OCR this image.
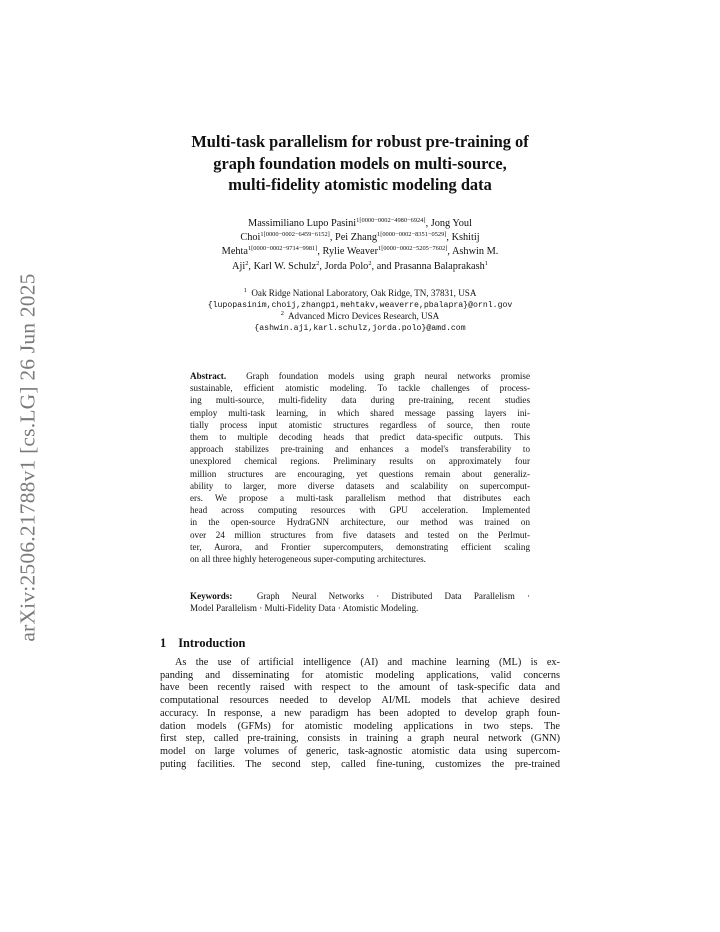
arXiv:2506.21788v1 [cs.LG] 26 Jun 2025
Multi-task parallelism for robust pre-training of
graph foundation models on multi-source,
multi-fidelity atomistic modeling data
Massimiliano Lupo Pasini$^{1[0000-0002-4980-6924]}$, Jong Youl
Choi$^{1[0000-0002-6459-6152]}$, Pei Zhang$^{1[0000-0002-8351-0529]}$, Kshitij
Mehta$^{1[0000-0002-9714-9981]}$, Rylie Weaver$^{1[0000-0002-5205-7602]}$, Ashwin M.
Aji$^2$, Karl W. Schulz$^2$, Jorda Polo$^2$, and Prasanna Balaprakash$^1$
$^1$ Oak Ridge National Laboratory, Oak Ridge, TN, 37831, USA
{lupopasinim,choij,zhangp1,mehtakv,weaverre,pbalapra}@ornl.gov
$^2$ Advanced Micro Devices Research, USA
{ashwin.aji,karl.schulz,jorda.polo}@amd.com
Abstract. Graph foundation models using graph neural networks promise
sustainable, efficient atomistic modeling. To tackle challenges of process-
ing multi-source, multi-fidelity data during pre-training, recent studies
employ multi-task learning, in which shared message passing layers ini-
tially process input atomistic structures regardless of source, then route
them to multiple decoding heads that predict data-specific outputs. This
approach stabilizes pre-training and enhances a model's transferability to
unexplored chemical regions. Preliminary results on approximately four
million structures are encouraging, yet questions remain about generaliz-
ability to larger, more diverse datasets and scalability on supercomput-
ers. We propose a multi-task parallelism method that distributes each
head across computing resources with GPU acceleration. Implemented
in the open-source HydraGNN architecture, our method was trained on
over 24 million structures from five datasets and tested on the Perlmut-
ter, Aurora, and Frontier supercomputers, demonstrating efficient scaling
on all three highly heterogeneous super-computing architectures.
Keywords:	Graph Neural Networks · Distributed Data Parallelism ·
Model Parallelism · Multi-Fidelity Data · Atomistic Modeling.
1 Introduction
As the use of artificial intelligence (AI) and machine learning (ML) is ex-
panding and disseminating for atomistic modeling applications, valid concerns
have been recently raised with respect to the amount of task-specific data and
computational resources needed to develop AI/ML models that achieve desired
accuracy. In response, a new paradigm has been adopted to develop graph foun-
dation models (GFMs) for atomistic modeling applications in two steps. The
first step, called pre-training, consists in training a graph neural network (GNN)
model on large volumes of generic, task-agnostic atomistic data using supercom-
puting facilities. The second step, called fine-tuning, customizes the pre-trained
